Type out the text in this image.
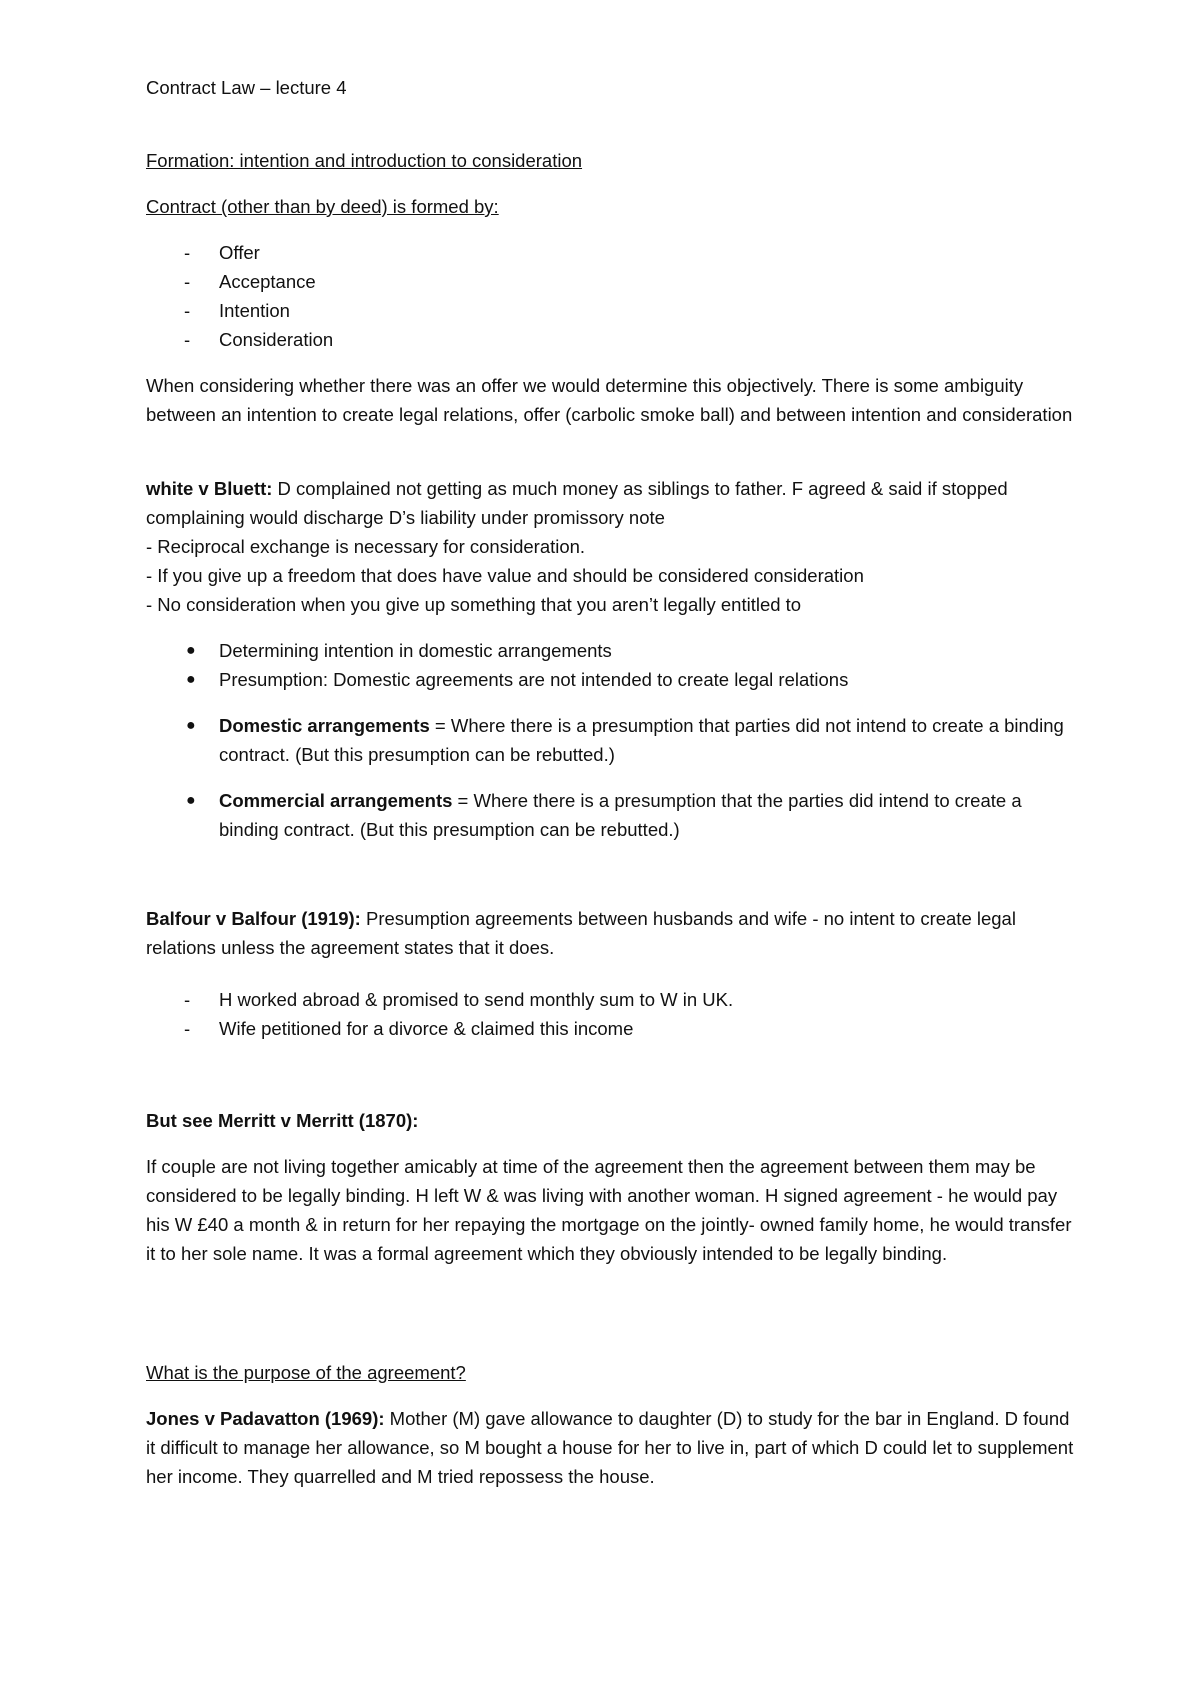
Contract Law – lecture 4

Formation: intention and introduction to consideration

Contract (other than by deed) is formed by:

Offer
Acceptance
Intention
Consideration

When considering whether there was an offer we would determine this objectively. There is some ambiguity between an intention to create legal relations, offer (carbolic smoke ball) and between intention and consideration

white v Bluett: D complained not getting as much money as siblings to father. F agreed & said if stopped complaining would discharge D’s liability under promissory note

- Reciprocal exchange is necessary for consideration.

- If you give up a freedom that does have value and should be considered consideration

- No consideration when you give up something that you aren’t legally entitled to

● Determining intention in domestic arrangements
● Presumption: Domestic agreements are not intended to create legal relations
● Domestic arrangements = Where there is a presumption that parties did not intend to create a binding contract. (But this presumption can be rebutted.)
● Commercial arrangements = Where there is a presumption that the parties did intend to create a binding contract. (But this presumption can be rebutted.)

Balfour v Balfour (1919): Presumption agreements between husbands and wife - no intent to create legal relations unless the agreement states that it does.

H worked abroad & promised to send monthly sum to W in UK.
Wife petitioned for a divorce & claimed this income

But see Merritt v Merritt (1870):

If couple are not living together amicably at time of the agreement then the agreement between them may be considered to be legally binding. H left W & was living with another woman. H signed agreement - he would pay his W £40 a month & in return for her repaying the mortgage on the jointly- owned family home, he would transfer it to her sole name. It was a formal agreement which they obviously intended to be legally binding.

What is the purpose of the agreement?

Jones v Padavatton (1969): Mother (M) gave allowance to daughter (D) to study for the bar in England. D found it difficult to manage her allowance, so M bought a house for her to live in, part of which D could let to supplement her income. They quarrelled and M tried repossess the house.
